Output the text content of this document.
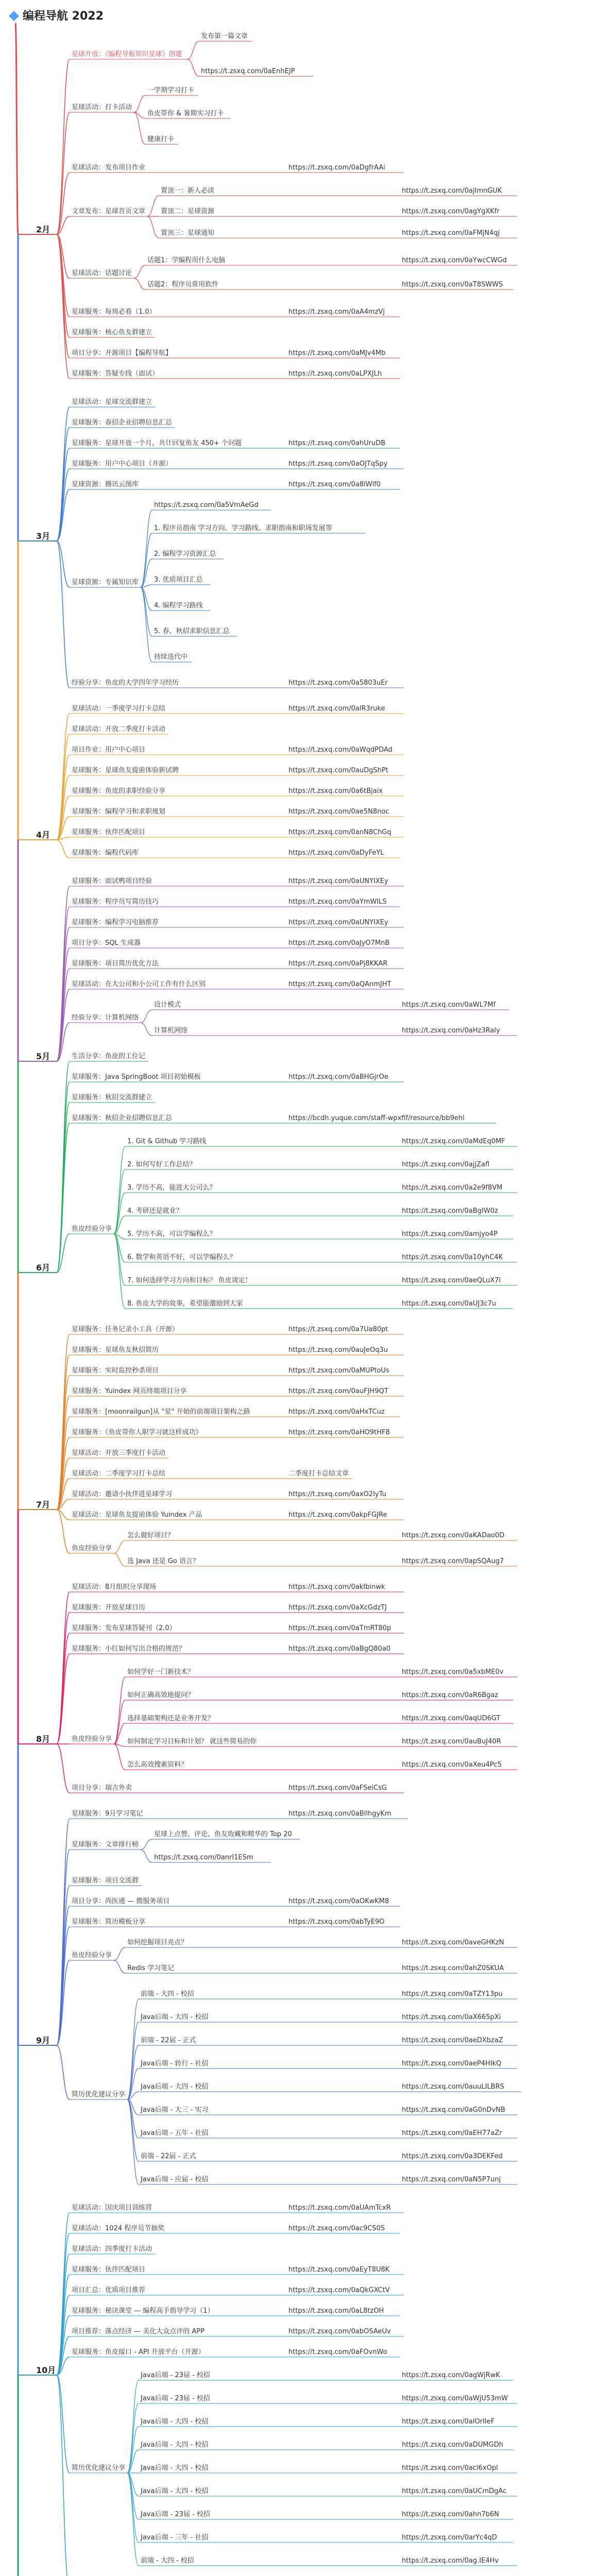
编程导航 2022
2月
星球开放：《编程导航知识星球》创建
发布第一篇文章
https://t.zsxq.com/0aEnhEJP
星球活动：打卡活动
一学期学习打卡
鱼皮带你 & 暑期实习打卡
健康打卡
星球活动：发布项目作业	https://t.zsxq.com/0aDgfrAAi
文章发布：星球首页文章
置顶一：新人必读	https://t.zsxq.com/0ajImnGUK
置顶二：星球资源	https://t.zsxq.com/0agYgXKfr
置顶三：星球通知	https://t.zsxq.com/0aFMjN4qj
星球活动：话题讨论
话题1：学编程用什么电脑	https://t.zsxq.com/0aYwcCWGd
话题2：程序员常用软件	https://t.zsxq.com/0aT8SWWS
星球服务：每周必看（1.0）	https://t.zsxq.com/0aA4mzVj
星球服务：核心鱼友群建立
项目分享：开源项目【编程导航】	https://t.zsxq.com/0aMJv4Mb
星球服务：答疑专线（面试）	https://t.zsxq.com/0aLPXJLh
3月
星球活动：星球交流群建立
星球服务：春招企业招聘信息汇总
星球服务：星球开放一个月，共计回复鱼友 450+ 个问题	https://t.zsxq.com/0ahUruDB
星球服务：用户中心项目（开源）	https://t.zsxq.com/0aOJTqSpy
星球资源：腾讯云图库	https://t.zsxq.com/0a8lWlf0
星球资源：专属知识库
https://t.zsxq.com/0a5VmAeGd
1. 程序员指南 学习方向、学习路线、求职指南和职场发展等
2. 编程学习资源汇总
3. 优质项目汇总
4. 编程学习路线
5. 春、秋招求职信息汇总
持续迭代中
经验分享：鱼皮的大学四年学习经历	https://t.zsxq.com/0a5803uEr
4月
星球活动：一季度学习打卡总结	https://t.zsxq.com/0alR3ruke
星球活动：开放二季度打卡活动
项目作业：用户中心项目	https://t.zsxq.com/0aWqdPDAd
星球服务：星球鱼友提前体验新试聘	https://t.zsxq.com/0auDgShPt
星球服务：鱼皮的求职经验分享	https://t.zsxq.com/0a6tBjaix
星球服务：编程学习和求职规划	https://t.zsxq.com/0ae5N8noc
星球服务：伙伴匹配项目	https://t.zsxq.com/0anN8ChGq
星球服务：编程代码库	https://t.zsxq.com/0aDyFeYL
5月
星球服务：面试鸭项目经验	https://t.zsxq.com/0aUNYIXEy
星球服务：程序员写简历技巧	https://t.zsxq.com/0aYmWILS
星球服务：编程学习电脑推荐	https://t.zsxq.com/0aUNYIXEy
项目分享：SQL 生成器	https://t.zsxq.com/0aJyO7MnB
星球服务：项目简历优化方法	https://t.zsxq.com/0aPj8KKAR
星球活动：在大公司和小公司工作有什么区别	https://t.zsxq.com/0aQAnmJHT
经验分享：计算机网络
设计模式	https://t.zsxq.com/0aWL7Mf
计算机网络	https://t.zsxq.com/0aHz3Raly
6月
生活分享：鱼皮的工位记
星球服务：Java SpringBoot 项目初始模板	https://t.zsxq.com/0aBHGjrOe
星球服务：秋招交流群建立
星球服务：秋招企业招聘信息汇总	https://bcdh.yuque.com/staff-wpxfif/resource/bb9ehl
鱼皮经验分享
1. Git & Github 学习路线	https://t.zsxq.com/0aMdEq0MF
2. 如何写好工作总结？	https://t.zsxq.com/0ajjZafl
3. 学历不高，能进大公司么？	https://t.zsxq.com/0a2e9f8VM
4. 考研还是就业？	https://t.zsxq.com/0aBgIW0z
5. 学历不高，可以学编程么？	https://t.zsxq.com/0amjyo4P
6. 数学和英语不好，可以学编程么？	https://t.zsxq.com/0a10yhC4K
7. 如何选择学习方向和目标？ 鱼皮谈定！	https://t.zsxq.com/0aeQLuX7l
8. 鱼皮大学的故事，希望能激励到大家	https://t.zsxq.com/0aUJ3c7u
7月
星球服务：任务记录小工具（开源）	https://t.zsxq.com/0a7Ua80pt
星球服务：星球鱼友秋招简历	https://t.zsxq.com/0auJeOq3u
星球服务：实时监控秒杀项目	https://t.zsxq.com/0aMUPtoUs
星球服务：Yuindex 网页终端项目分享	https://t.zsxq.com/0auFJH9QT
星球服务：[moonrailgun]从 "星" 开始的前端项目架构之路	https://t.zsxq.com/0aHxTCuz
星球服务：《鱼皮带你人职学习就这样成功》	https://t.zsxq.com/0aHO9tHF8
星球活动：开放三季度打卡活动
星球活动：二季度学习打卡总结	二季度打卡总结文章
星球活动：邀请小伙伴进星球学习	https://t.zsxq.com/0axO2IyTu
星球活动：星球鱼友提前体验 Yuindex 产品	https://t.zsxq.com/0akpFGJRe
鱼皮经验分享
怎么做好项目？	https://t.zsxq.com/0aKADao0D
选 Java 还是 Go 语言？	https://t.zsxq.com/0apSQAug7
8月
星球活动：8月组织分享现场	https://t.zsxq.com/0akIbinwk
星球服务：开放星球日历	https://t.zsxq.com/0aXcGdzTJ
星球服务：发布星球答疑刊（2.0）	https://t.zsxq.com/0aTmRT80p
星球服务：小红如何写出合格的规范？	https://t.zsxq.com/0aBgQ80a0
鱼皮经验分享
如何学好一门新技术？	https://t.zsxq.com/0a5xbME0v
如何正确高效地提问？	https://t.zsxq.com/0aR6Bgaz
选择基础架构还是业务开发？	https://t.zsxq.com/0aqUD6GT
如何制定学习目标和计划？ 就这些简易的你	https://t.zsxq.com/0auBuJ40R
怎么高效搜索资料？	https://t.zsxq.com/0aXeu4Pc5
项目分享：瑞吉外卖	https://t.zsxq.com/0aFSeiCsG
9月
星球服务：9月学习笔记	https://t.zsxq.com/0aBllhgyKm
星球服务：文章排行榜
星球上点赞、评论、鱼友收藏和精华的 Top 20
https://t.zsxq.com/0anrl1ESm
星球服务：项目交流群
项目分享：尚医通 — 微服务项目	https://t.zsxq.com/0aOKwKM8
星球服务：简历模板分享	https://t.zsxq.com/0abTyE9O
鱼皮经验分享
如何挖掘项目亮点？	https://t.zsxq.com/0aveGHKzN
Redis 学习笔记	https://t.zsxq.com/0ahZ0SKUA
简历优化建议分享
前端 - 大四 - 校招	https://t.zsxq.com/0aTZY13pu
Java后端 - 大四 - 校招	https://t.zsxq.com/0aX665pXi
前端 - 22届 - 正式	https://t.zsxq.com/0aeDXbzaZ
Java后端 - 转行 - 社招	https://t.zsxq.com/0aeP4HIkQ
Java后端 - 大四 - 校招	https://t.zsxq.com/0auuLILBRS
Java后端 - 大三 - 实习	https://t.zsxq.com/0aG0nDvNB
Java后端 - 五年 - 社招	https://t.zsxq.com/0aEH77aZr
前端 - 22届 - 正式	https://t.zsxq.com/0a3DEKFed
Java后端 - 应届 - 校招	https://t.zsxq.com/0aN5P7unj
10月
星球活动：国庆项目训练营	https://t.zsxq.com/0aUAmTcxR
星球活动：1024 程序员节抽奖	https://t.zsxq.com/0ac9CS0S
星球活动：四季度打卡活动
星球服务：伙伴匹配项目	https://t.zsxq.com/0aEyT8U8K
项目汇总：优质项目推荐	https://t.zsxq.com/0aQkGXCtV
星球服务：秘诀课堂 — 编程高手指导学习（1）	https://t.zsxq.com/0aL8tzOH
项目推荐：落点经济 — 美化大众点评的 APP	https://t.zsxq.com/0abOSAeUv
星球服务：鱼皮接口 - API 开放平台（开源）	https://t.zsxq.com/0aFOvnWo
简历优化建议分享
Java后端 - 23届 - 校招	https://t.zsxq.com/0agWjRwK
Java后端 - 23届 - 校招	https://t.zsxq.com/0aWjU53mW
Java后端 - 大四 - 校招	https://t.zsxq.com/0alOrIIeF
Java后端 - 大四 - 校招	https://t.zsxq.com/0aDUMGDh
Java后端 - 大四 - 校招	https://t.zsxq.com/0acl6xOpl
Java后端 - 大四 - 校招	https://t.zsxq.com/0aUCmDgAc
Java后端 - 23届 - 校招	https://t.zsxq.com/0ahn7b6N
Java后端 - 三年 - 社招	https://t.zsxq.com/0arYc4qD
前端 - 大四 - 校招	https://t.zsxq.com/0ag.IE4Hv
